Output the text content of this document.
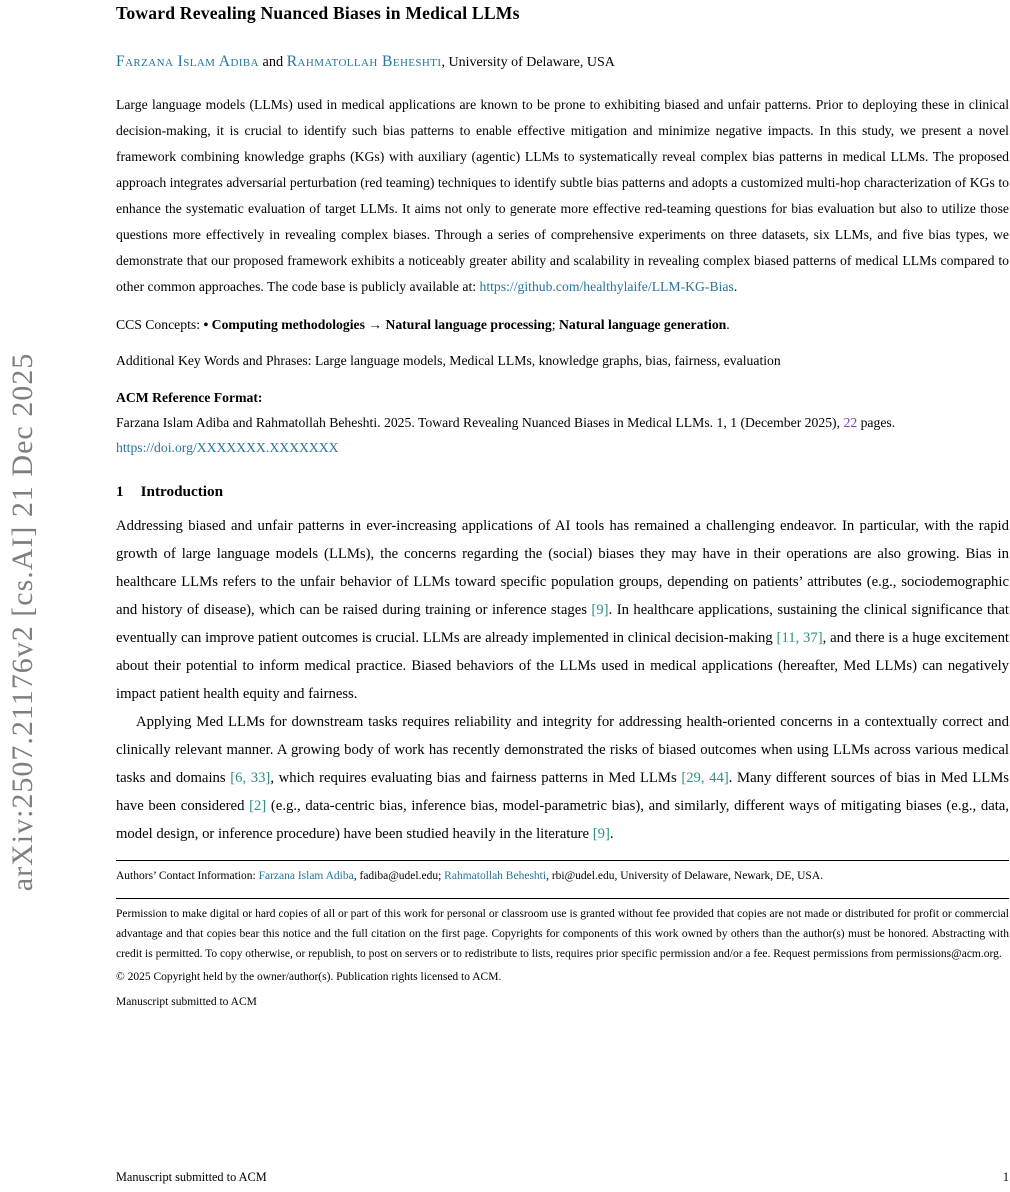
arXiv:2507.21176v2 [cs.AI] 21 Dec 2025
Toward Revealing Nuanced Biases in Medical LLMs

Farzana Islam Adiba and Rahmatollah Beheshti, University of Delaware, USA

Large language models (LLMs) used in medical applications are known to be prone to exhibiting biased and unfair patterns. Prior to deploying these in clinical decision-making, it is crucial to identify such bias patterns to enable effective mitigation and minimize negative impacts. In this study, we present a novel framework combining knowledge graphs (KGs) with auxiliary (agentic) LLMs to systematically reveal complex bias patterns in medical LLMs. The proposed approach integrates adversarial perturbation (red teaming) techniques to identify subtle bias patterns and adopts a customized multi-hop characterization of KGs to enhance the systematic evaluation of target LLMs. It aims not only to generate more effective red-teaming questions for bias evaluation but also to utilize those questions more effectively in revealing complex biases. Through a series of comprehensive experiments on three datasets, six LLMs, and five bias types, we demonstrate that our proposed framework exhibits a noticeably greater ability and scalability in revealing complex biased patterns of medical LLMs compared to other common approaches. The code base is publicly available at: https://github.com/healthylaife/LLM-KG-Bias.

CCS Concepts: • Computing methodologies → Natural language processing; Natural language generation.

Additional Key Words and Phrases: Large language models, Medical LLMs, knowledge graphs, bias, fairness, evaluation

ACM Reference Format:

Farzana Islam Adiba and Rahmatollah Beheshti. 2025. Toward Revealing Nuanced Biases in Medical LLMs. 1, 1 (December 2025), 22 pages. https://doi.org/XXXXXXX.XXXXXXX

1 Introduction

Addressing biased and unfair patterns in ever-increasing applications of AI tools has remained a challenging endeavor. In particular, with the rapid growth of large language models (LLMs), the concerns regarding the (social) biases they may have in their operations are also growing. Bias in healthcare LLMs refers to the unfair behavior of LLMs toward specific population groups, depending on patients’ attributes (e.g., sociodemographic and history of disease), which can be raised during training or inference stages [9]. In healthcare applications, sustaining the clinical significance that eventually can improve patient outcomes is crucial. LLMs are already implemented in clinical decision-making [11, 37], and there is a huge excitement about their potential to inform medical practice. Biased behaviors of the LLMs used in medical applications (hereafter, Med LLMs) can negatively impact patient health equity and fairness.

Applying Med LLMs for downstream tasks requires reliability and integrity for addressing health-oriented concerns in a contextually correct and clinically relevant manner. A growing body of work has recently demonstrated the risks of biased outcomes when using LLMs across various medical tasks and domains [6, 33], which requires evaluating bias and fairness patterns in Med LLMs [29, 44]. Many different sources of bias in Med LLMs have been considered [2] (e.g., data-centric bias, inference bias, model-parametric bias), and similarly, different ways of mitigating biases (e.g., data, model design, or inference procedure) have been studied heavily in the literature [9].

Authors’ Contact Information: Farzana Islam Adiba, fadiba@udel.edu; Rahmatollah Beheshti, rbi@udel.edu, University of Delaware, Newark, DE, USA.

Permission to make digital or hard copies of all or part of this work for personal or classroom use is granted without fee provided that copies are not made or distributed for profit or commercial advantage and that copies bear this notice and the full citation on the first page. Copyrights for components of this work owned by others than the author(s) must be honored. Abstracting with credit is permitted. To copy otherwise, or republish, to post on servers or to redistribute to lists, requires prior specific permission and/or a fee. Request permissions from permissions@acm.org.

© 2025 Copyright held by the owner/author(s). Publication rights licensed to ACM.

Manuscript submitted to ACM

Manuscript submitted to ACM	1
